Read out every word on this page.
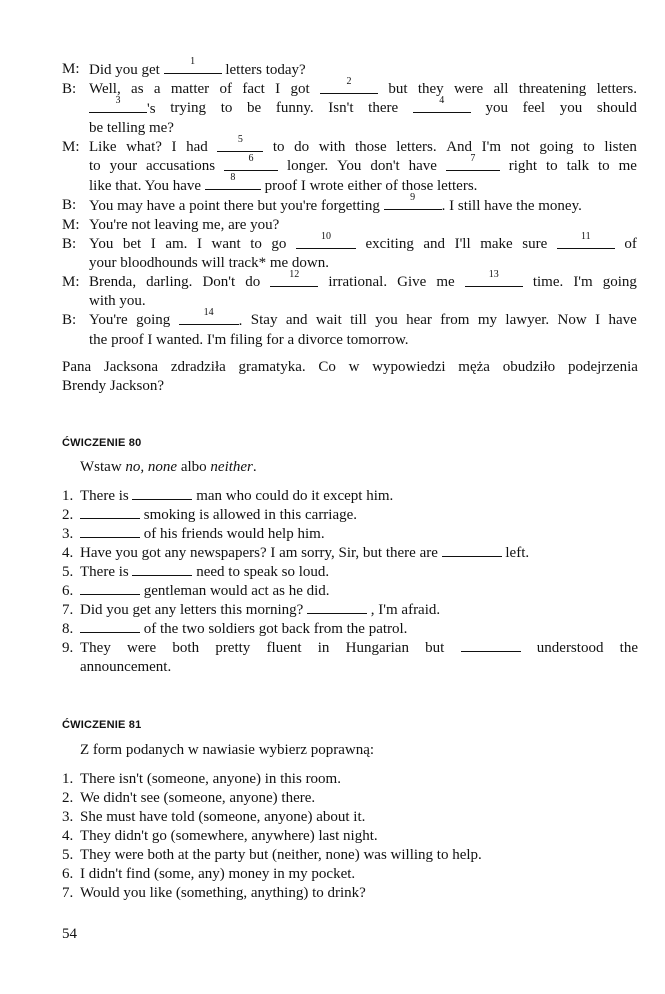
M: Did you get
1
letters today?
B: Well, as a matter of fact I got	2	but they were all threatening letters.
3
's trying to be funny. Isn't there	4	you feel you should
be telling me?
M: Like what? I had	5	to do with those letters. And I'm not going to listen
to your accusations	6	longer. You don't have	7	right to talk to me
like that. You have
8
proof I wrote either of those letters.
B: You may have a point there but you're forgetting
9
. I still have the money.
M: You're not leaving me, are you?
B: You bet I am. I want to go	10	exciting and I'll make sure	11	of
your bloodhounds will track* me down.
M: Brenda, darling. Don't do	12	irrational. Give me	13	time. I'm going
with you.
B: You're going	14
. Stay and wait till you hear from my lawyer. Now I have
the proof I wanted. I'm filing for a divorce tomorrow.
Pana Jacksona zdradziła gramatyka. Co w wypowiedzi męża obudziło podejrzenia
Brendy Jackson?
ĆWICZENIE 80
Wstaw no, none albo neither.
1. There is	man who could do it except him.
2.	smoking is allowed in this carriage.
3.	of his friends would help him.
4. Have you got any newspapers? I am sorry, Sir, but there are	left.
5. There is	need to speak so loud.
6.	gentleman would act as he did.
7. Did you get any letters this morning?	, I'm afraid.
8.	of the two soldiers got back from the patrol.
9. They were both pretty fluent in Hungarian but	understood the
announcement.
ĆWICZENIE 81
Z form podanych w nawiasie wybierz poprawną:
1. There isn't (someone, anyone) in this room.
2. We didn't see (someone, anyone) there.
3. She must have told (someone, anyone) about it.
4. They didn't go (somewhere, anywhere) last night.
5. They were both at the party but (neither, none) was willing to help.
6. I didn't find (some, any) money in my pocket.
7. Would you like (something, anything) to drink?
54
